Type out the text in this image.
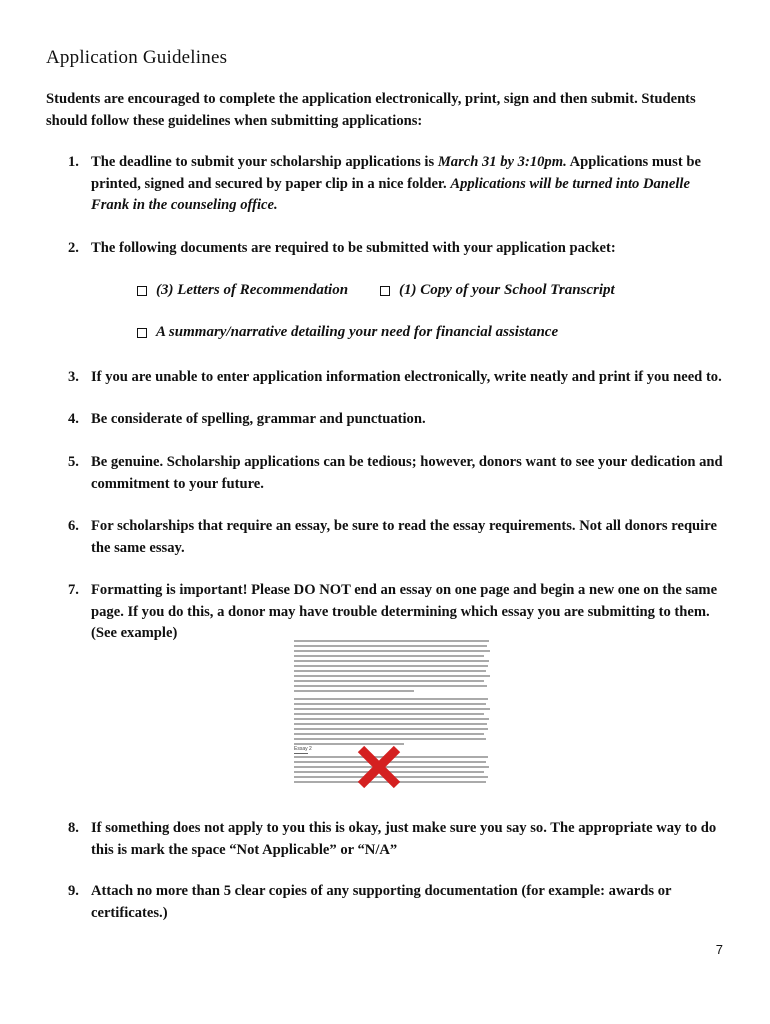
Application Guidelines
Students are encouraged to complete the application electronically, print, sign and then submit. Students should follow these guidelines when submitting applications:
1. The deadline to submit your scholarship applications is March 31 by 3:10pm. Applications must be printed, signed and secured by paper clip in a nice folder. Applications will be turned into Danelle Frank in the counseling office.
2. The following documents are required to be submitted with your application packet:
(3) Letters of Recommendation	(1) Copy of your School Transcript
A summary/narrative detailing your need for financial assistance
3. If you are unable to enter application information electronically, write neatly and print if you need to.
4. Be considerate of spelling, grammar and punctuation.
5. Be genuine. Scholarship applications can be tedious; however, donors want to see your dedication and commitment to your future.
6. For scholarships that require an essay, be sure to read the essay requirements. Not all donors require the same essay.
7. Formatting is important! Please DO NOT end an essay on one page and begin a new one on the same page. If you do this, a donor may have trouble determining which essay you are submitting to them. (See example)
Essay 2
8. If something does not apply to you this is okay, just make sure you say so. The appropriate way to do this is mark the space “Not Applicable” or “N/A”
9. Attach no more than 5 clear copies of any supporting documentation (for example: awards or certificates.)
7
